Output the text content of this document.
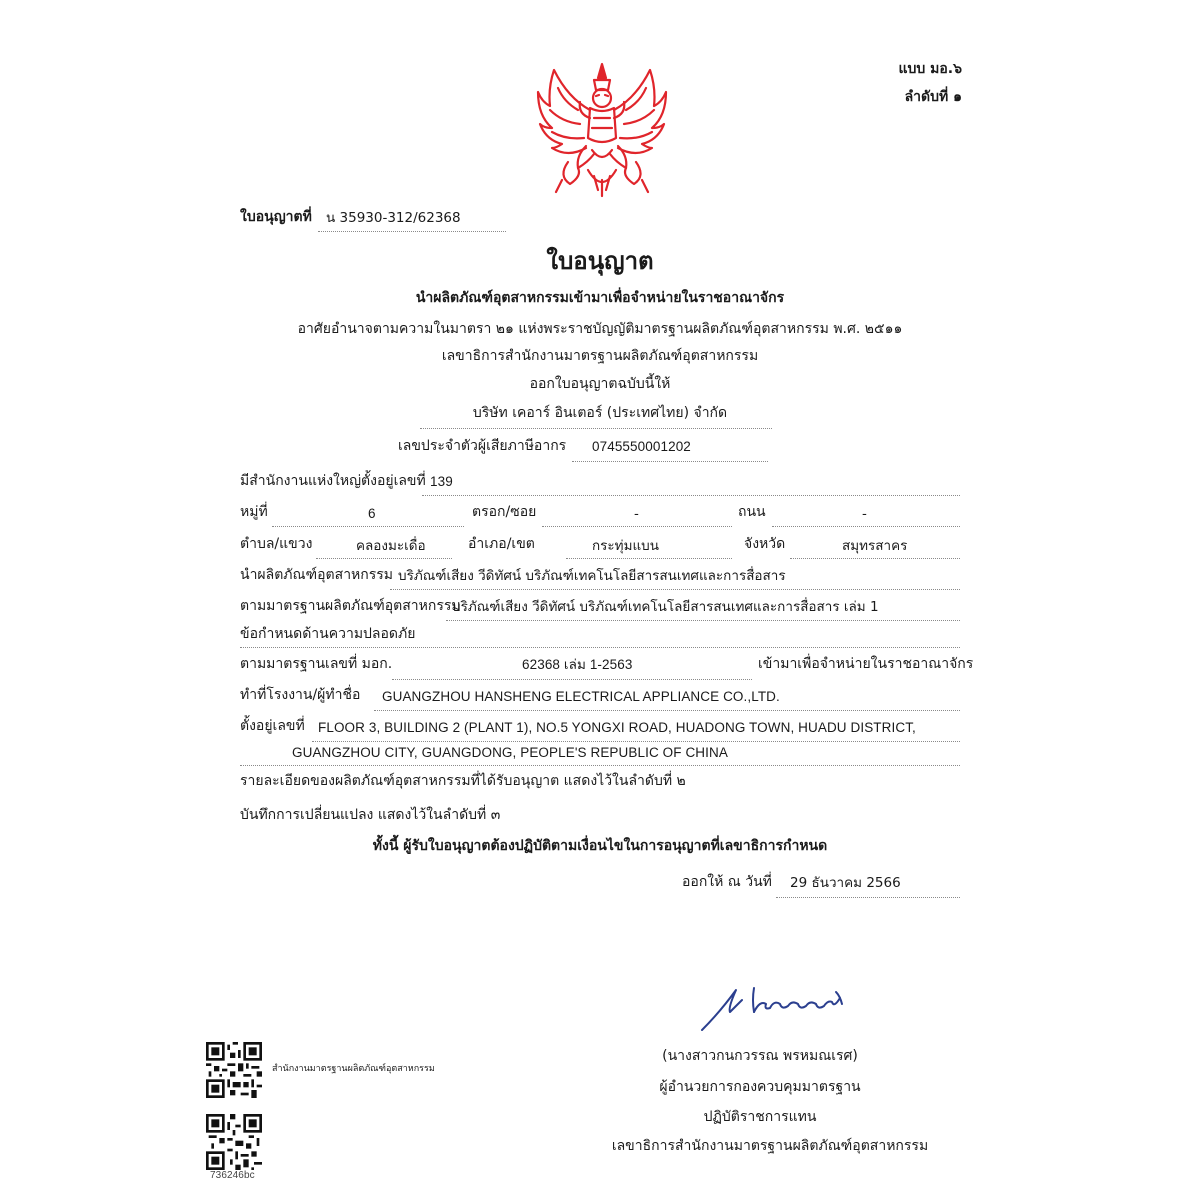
แบบ มอ.๖
ลำดับที่ ๑
ใบอนุญาตที่ น 35930-312/62368
ใบอนุญาต
นำผลิตภัณฑ์อุตสาหกรรมเข้ามาเพื่อจำหน่ายในราชอาณาจักร
อาศัยอำนาจตามความในมาตรา ๒๑ แห่งพระราชบัญญัติมาตรฐานผลิตภัณฑ์อุตสาหกรรม พ.ศ. ๒๕๑๑
เลขาธิการสำนักงานมาตรฐานผลิตภัณฑ์อุตสาหกรรม
ออกใบอนุญาตฉบับนี้ให้
บริษัท เคอาร์ อินเตอร์ (ประเทศไทย) จำกัด
เลขประจำตัวผู้เสียภาษีอากร 0745550001202
มีสำนักงานแห่งใหญ่ตั้งอยู่เลขที่ 139
หมู่ที่	6	ตรอก/ซอย	-	ถนน	-
ตำบล/แขวง	คลองมะเดื่อ	อำเภอ/เขต	กระทุ่มแบน	จังหวัด	สมุทรสาคร
นำผลิตภัณฑ์อุตสาหกรรม บริภัณฑ์เสียง วีดิทัศน์ บริภัณฑ์เทคโนโลยีสารสนเทศและการสื่อสาร
ตามมาตรฐานผลิตภัณฑ์อุตสาหกรรม
บริภัณฑ์เสียง วีดิทัศน์ บริภัณฑ์เทคโนโลยีสารสนเทศและการสื่อสาร เล่ม 1
ข้อกำหนดด้านความปลอดภัย
ตามมาตรฐานเลขที่ มอก.	62368 เล่ม 1-2563	เข้ามาเพื่อจำหน่ายในราชอาณาจักร
ทำที่โรงงาน/ผู้ทำชื่อ GUANGZHOU HANSHENG ELECTRICAL APPLIANCE CO.,LTD.
ตั้งอยู่เลขที่ FLOOR 3, BUILDING 2 (PLANT 1), NO.5 YONGXI ROAD, HUADONG TOWN, HUADU DISTRICT,
GUANGZHOU CITY, GUANGDONG, PEOPLE'S REPUBLIC OF CHINA
รายละเอียดของผลิตภัณฑ์อุตสาหกรรมที่ได้รับอนุญาต แสดงไว้ในลำดับที่ ๒
บันทึกการเปลี่ยนแปลง แสดงไว้ในลำดับที่ ๓
ทั้งนี้ ผู้รับใบอนุญาตต้องปฏิบัติตามเงื่อนไขในการอนุญาตที่เลขาธิการกำหนด
ออกให้ ณ วันที่ 29 ธันวาคม 2566
(นางสาวกนกวรรณ พรหมณเรศ)
ผู้อำนวยการกองควบคุมมาตรฐาน
ปฏิบัติราชการแทน
เลขาธิการสำนักงานมาตรฐานผลิตภัณฑ์อุตสาหกรรม
สำนักงานมาตรฐานผลิตภัณฑ์อุตสาหกรรม
736246bc
